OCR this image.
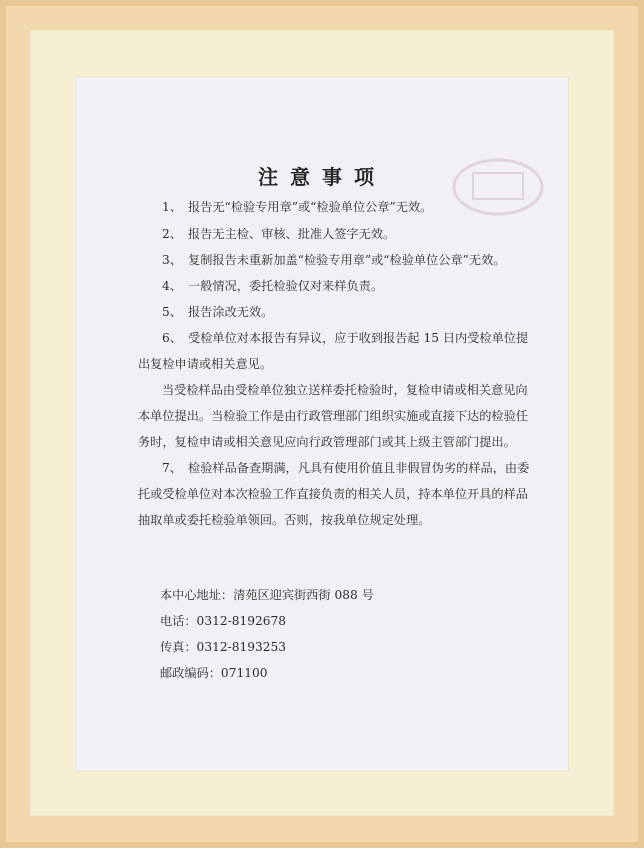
注意事项
1、　报告无“检验专用章”或“检验单位公章”无效。
2、　报告无主检、审核、批准人签字无效。
3、　复制报告未重新加盖“检验专用章”或“检验单位公章”无效。
4、　一般情况，委托检验仅对来样负责。
5、　报告涂改无效。
6、　受检单位对本报告有异议，应于收到报告起 15 日内受检单位提
出复检申请或相关意见。
当受检样品由受检单位独立送样委托检验时，复检申请或相关意见向
本单位提出。当检验工作是由行政管理部门组织实施或直接下达的检验任
务时，复检申请或相关意见应向行政管理部门或其上级主管部门提出。
7、　检验样品备查期满，凡具有使用价值且非假冒伪劣的样品，由委
托或受检单位对本次检验工作直接负责的相关人员，持本单位开具的样品
抽取单或委托检验单领回。否则，按我单位规定处理。
本中心地址：清苑区迎宾街西街 088 号
电话：0312-8192678
传真：0312-8193253
邮政编码：071100
